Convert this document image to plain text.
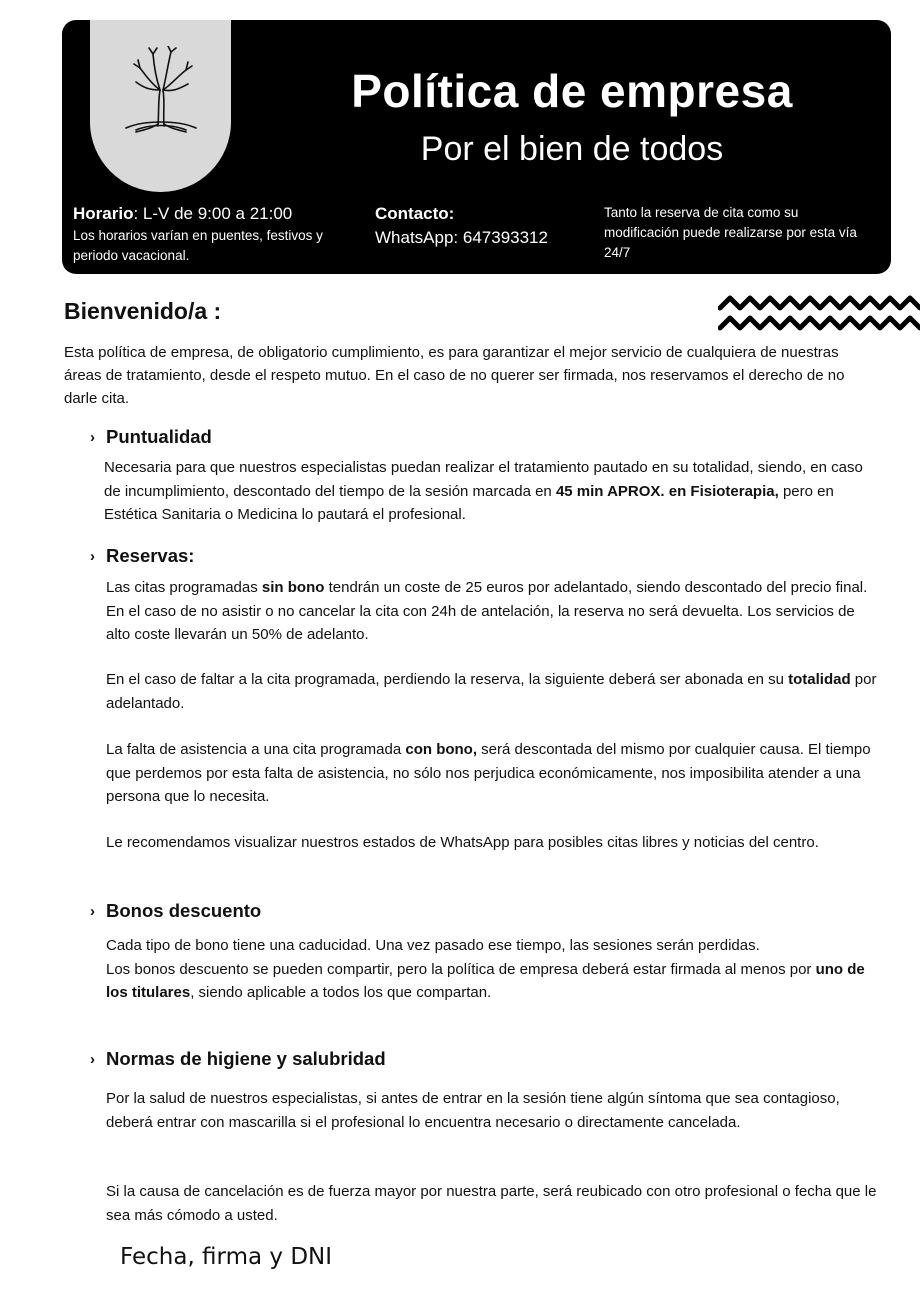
Política de empresa

Por el bien de todos

Horario: L-V de 9:00 a 21:00
Los horarios varían en puentes, festivos y periodo vacacional.
Contacto:
WhatsApp: 647393312
Tanto la reserva de cita como su modificación puede realizarse por esta vía 24/7
Bienvenido/a :

Esta política de empresa, de obligatorio cumplimiento, es para garantizar el mejor servicio de cualquiera de nuestras áreas de tratamiento, desde el respeto mutuo. En el caso de no querer ser firmada, nos reservamos el derecho de no darle cita.

› Puntualidad

Necesaria para que nuestros especialistas puedan realizar el tratamiento pautado en su totalidad, siendo, en caso de incumplimiento, descontado del tiempo de la sesión marcada en 45 min APROX. en Fisioterapia, pero en Estética Sanitaria o Medicina lo pautará el profesional.

› Reservas:

Las citas programadas sin bono tendrán un coste de 25 euros por adelantado, siendo descontado del precio final. En el caso de no asistir o no cancelar la cita con 24h de antelación, la reserva no será devuelta. Los servicios de alto coste llevarán un 50% de adelanto.

En el caso de faltar a la cita programada, perdiendo la reserva, la siguiente deberá ser abonada en su totalidad por adelantado.

La falta de asistencia a una cita programada con bono, será descontada del mismo por cualquier causa. El tiempo que perdemos por esta falta de asistencia, no sólo nos perjudica económicamente, nos imposibilita atender a una persona que lo necesita.

Le recomendamos visualizar nuestros estados de WhatsApp para posibles citas libres y noticias del centro.

› Bonos descuento

Cada tipo de bono tiene una caducidad. Una vez pasado ese tiempo, las sesiones serán perdidas.
Los bonos descuento se pueden compartir, pero la política de empresa deberá estar firmada al menos por uno de los titulares, siendo aplicable a todos los que compartan.

› Normas de higiene y salubridad

Por la salud de nuestros especialistas, si antes de entrar en la sesión tiene algún síntoma que sea contagioso, deberá entrar con mascarilla si el profesional lo encuentra necesario o directamente cancelada.

Si la causa de cancelación es de fuerza mayor por nuestra parte, será reubicado con otro profesional o fecha que le sea más cómodo a usted.

Fecha, firma y DNI
